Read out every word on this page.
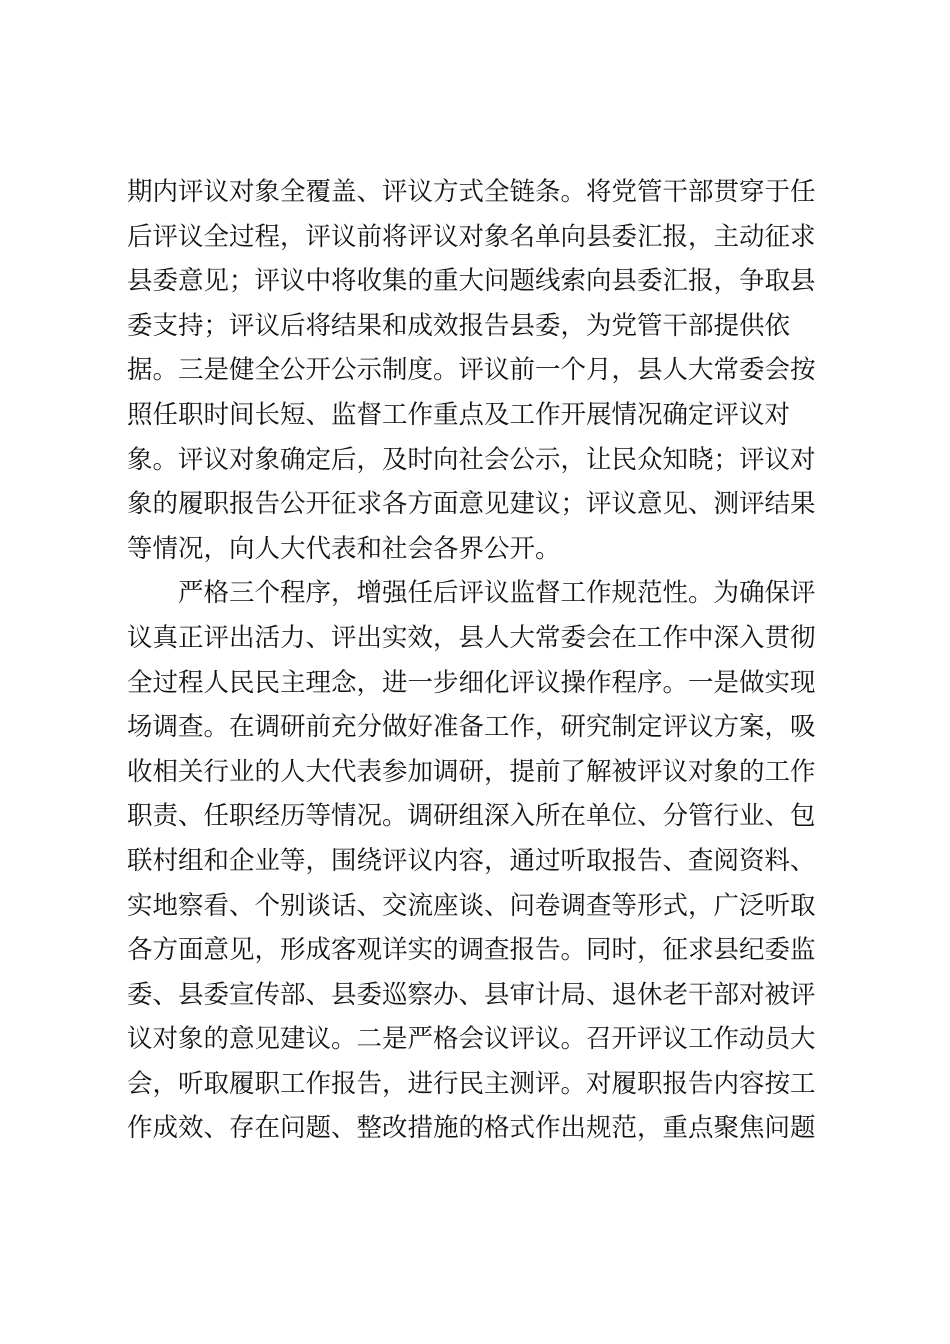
期内评议对象全覆盖、评议方式全链条。将党管干部贯穿于任
后评议全过程，评议前将评议对象名单向县委汇报，主动征求
县委意见；评议中将收集的重大问题线索向县委汇报，争取县
委支持；评议后将结果和成效报告县委，为党管干部提供依
据。三是健全公开公示制度。评议前一个月，县人大常委会按
照任职时间长短、监督工作重点及工作开展情况确定评议对
象。评议对象确定后，及时向社会公示，让民众知晓；评议对
象的履职报告公开征求各方面意见建议；评议意见、测评结果
等情况，向人大代表和社会各界公开。
　　严格三个程序，增强任后评议监督工作规范性。为确保评
议真正评出活力、评出实效，县人大常委会在工作中深入贯彻
全过程人民民主理念，进一步细化评议操作程序。一是做实现
场调查。在调研前充分做好准备工作，研究制定评议方案，吸
收相关行业的人大代表参加调研，提前了解被评议对象的工作
职责、任职经历等情况。调研组深入所在单位、分管行业、包
联村组和企业等，围绕评议内容，通过听取报告、查阅资料、
实地察看、个别谈话、交流座谈、问卷调查等形式，广泛听取
各方面意见，形成客观详实的调查报告。同时，征求县纪委监
委、县委宣传部、县委巡察办、县审计局、退休老干部对被评
议对象的意见建议。二是严格会议评议。召开评议工作动员大
会，听取履职工作报告，进行民主测评。对履职报告内容按工
作成效、存在问题、整改措施的格式作出规范，重点聚焦问题
